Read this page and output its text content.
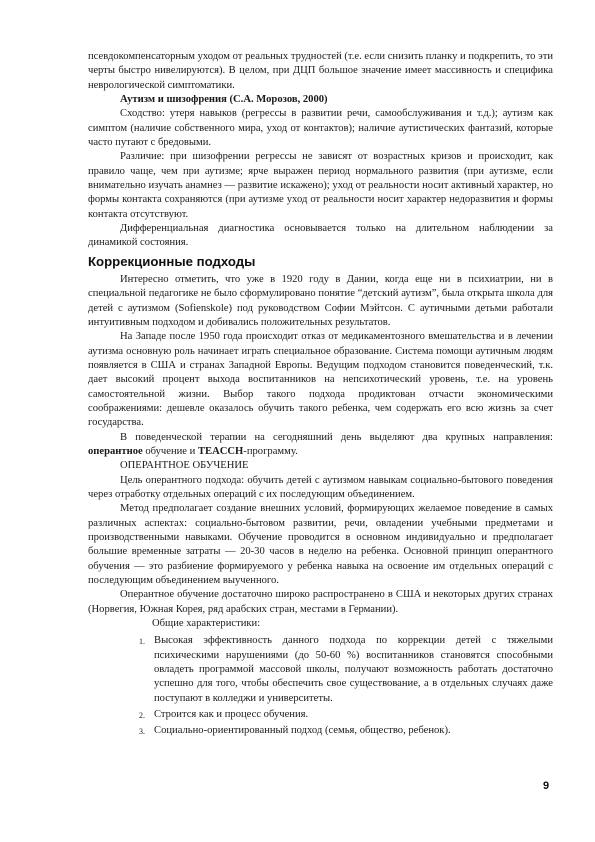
псевдокомпенсаторным уходом от реальных трудностей (т.е. если снизить планку и подкрепить, то эти черты быстро нивелируются). В целом, при ДЦП большое значение имеет массивность и специфика неврологической симптоматики.

Аутизм и шизофрения (С.А. Морозов, 2000)

Сходство: утеря навыков (регрессы в развитии речи, самообслуживания и т.д.); аутизм как симптом (наличие собственного мира, уход от контактов); наличие аутистических фантазий, которые часто путают с бредовыми.

Различие: при шизофрении регрессы не зависят от возрастных кризов и происходит, как правило чаще, чем при аутизме; ярче выражен период нормального развития (при аутизме, если внимательно изучать анамнез — развитие искажено); уход от реальности носит активный характер, но формы контакта сохраняются (при аутизме уход от реальности носит характер недоразвития и формы контакта отсутствуют.

Дифференциальная диагностика основывается только на длительном наблюдении за динамикой состояния.

Коррекционные подходы

Интересно отметить, что уже в 1920 году в Дании, когда еще ни в психиатрии, ни в специальной педагогике не было сформулировано понятие “детский аутизм”, была открыта школа для детей с аутизмом (Sofienskole) под руководством Софии Мэйтсон. С аутичными детьми работали интуитивным подходом и добивались положительных результатов.

На Западе после 1950 года происходит отказ от медикаментозного вмешательства и в лечении аутизма основную роль начинает играть специальное образование. Система помощи аутичным людям появляется в США и странах Западной Европы. Ведущим подходом становится поведенческий, т.к. дает высокий процент выхода воспитанников на непсихотический уровень, т.е. на уровень самостоятельной жизни. Выбор такого подхода продиктован отчасти экономическими соображениями: дешевле оказалось обучить такого ребенка, чем содержать его всю жизнь за счет государства.

В поведенческой терапии на сегодняшний день выделяют два крупных направления: оперантное обучение и TEACCH-программу.

ОПЕРАНТНОЕ ОБУЧЕНИЕ

Цель оперантного подхода: обучить детей с аутизмом навыкам социально-бытового поведения через отработку отдельных операций с их последующим объединением.

Метод предполагает создание внешних условий, формирующих желаемое поведение в самых различных аспектах: социально-бытовом развитии, речи, овладении учебными предметами и производственными навыками. Обучение проводится в основном индивидуально и предполагает большие временные затраты — 20-30 часов в неделю на ребенка. Основной принцип оперантного обучения — это разбиение формируемого у ребенка навыка на освоение им отдельных операций с последующим объединением выученного.

Оперантное обучение достаточно широко распространено в США и некоторых других странах (Норвегия, Южная Корея, ряд арабских стран, местами в Германии).

Общие характеристики:
1. Высокая эффективность данного подхода по коррекции детей с тяжелыми психическими нарушениями (до 50-60 %) воспитанников становятся способными овладеть программой массовой школы, получают возможность работать достаточно успешно для того, чтобы обеспечить свое существование, а в отдельных случаях даже поступают в колледжи и университеты.
2. Строится как и процесс обучения.
3. Социально-ориентированный подход (семья, общество, ребенок).
9
